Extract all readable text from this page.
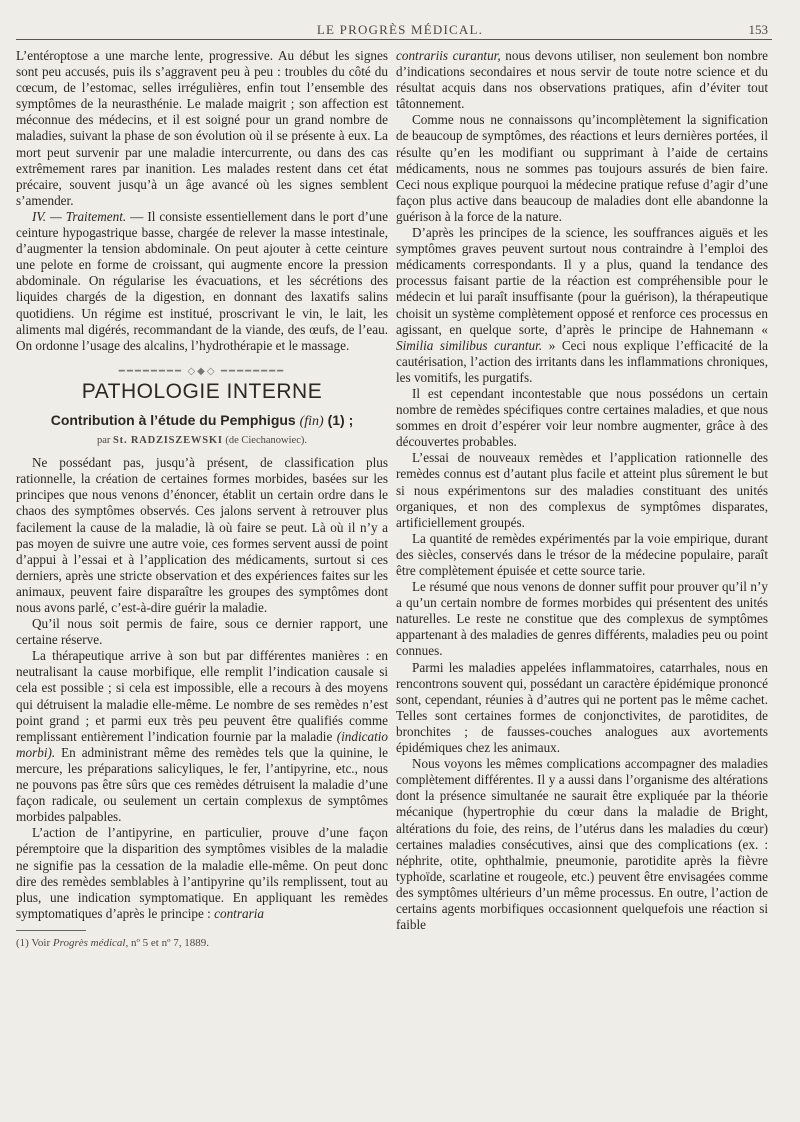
LE PROGRÈS MÉDICAL.	153

L’entéroptose a une marche lente, progressive. Au début les signes sont peu accusés, puis ils s’aggravent peu à peu : troubles du côté du cœcum, de l’estomac, selles irrégulières, enfin tout l’ensemble des symptômes de la neurasthénie. Le malade maigrit ; son affection est méconnue des médecins, et il est soigné pour un grand nombre de maladies, suivant la phase de son évolution où il se présente à eux. La mort peut survenir par une maladie intercurrente, ou dans des cas extrêmement rares par inanition. Les malades restent dans cet état précaire, souvent jusqu’à un âge avancé où les signes semblent s’amender.

IV. — Traitement. — Il consiste essentiellement dans le port d’une ceinture hypogastrique basse, chargée de relever la masse intestinale, d’augmenter la tension abdominale. On peut ajouter à cette ceinture une pelote en forme de croissant, qui augmente encore la pression abdominale. On régularise les évacuations, et les sécrétions des liquides chargés de la digestion, en donnant des laxatifs salins quotidiens. Un régime est institué, proscrivant le vin, le lait, les aliments mal digérés, recommandant de la viande, des œufs, de l’eau. On ordonne l’usage des alcalins, l’hydrothérapie et le massage.

━━━━━━━━ ◇◆◇ ━━━━━━━━
PATHOLOGIE INTERNE
Contribution à l’étude du Pemphigus (fin) (1) ;
par St. RADZISZEWSKI (de Ciechanowiec).

Ne possédant pas, jusqu’à présent, de classification plus rationnelle, la création de certaines formes morbides, basées sur les principes que nous venons d’énoncer, établit un certain ordre dans le chaos des symptômes observés. Ces jalons servent à retrouver plus facilement la cause de la maladie, là où faire se peut. Là où il n’y a pas moyen de suivre une autre voie, ces formes servent aussi de point d’appui à l’essai et à l’application des médicaments, surtout si ces derniers, après une stricte observation et des expériences faites sur les animaux, peuvent faire disparaître les groupes des symptômes dont nous avons parlé, c’est-à-dire guérir la maladie.

Qu’il nous soit permis de faire, sous ce dernier rapport, une certaine réserve.

La thérapeutique arrive à son but par différentes manières : en neutralisant la cause morbifique, elle remplit l’indication causale si cela est possible ; si cela est impossible, elle a recours à des moyens qui détruisent la maladie elle-même. Le nombre de ses remèdes n’est point grand ; et parmi eux très peu peuvent être qualifiés comme remplissant entièrement l’indication fournie par la maladie (indicatio morbi). En administrant même des remèdes tels que la quinine, le mercure, les préparations salicyliques, le fer, l’antipyrine, etc., nous ne pouvons pas être sûrs que ces remèdes détruisent la maladie d’une façon radicale, ou seulement un certain complexus de symptômes morbides palpables.

L’action de l’antipyrine, en particulier, prouve d’une façon péremptoire que la disparition des symptômes visibles de la maladie ne signifie pas la cessation de la maladie elle-même. On peut donc dire des remèdes semblables à l’antipyrine qu’ils remplissent, tout au plus, une indication symptomatique. En appliquant les remèdes symptomatiques d’après le principe : contraria

(1) Voir Progrès médical, nº 5 et nº 7, 1889.

contrariis curantur, nous devons utiliser, non seulement bon nombre d’indications secondaires et nous servir de toute notre science et du résultat acquis dans nos observations pratiques, afin d’éviter tout tâtonnement.

Comme nous ne connaissons qu’incomplètement la signification de beaucoup de symptômes, des réactions et leurs dernières portées, il résulte qu’en les modifiant ou supprimant à l’aide de certains médicaments, nous ne sommes pas toujours assurés de bien faire. Ceci nous explique pourquoi la médecine pratique refuse d’agir d’une façon plus active dans beaucoup de maladies dont elle abandonne la guérison à la force de la nature.

D’après les principes de la science, les souffrances aiguës et les symptômes graves peuvent surtout nous contraindre à l’emploi des médicaments correspondants. Il y a plus, quand la tendance des processus faisant partie de la réaction est compréhensible pour le médecin et lui paraît insuffisante (pour la guérison), la thérapeutique choisit un système complètement opposé et renforce ces processus en agissant, en quelque sorte, d’après le principe de Hahnemann « Similia similibus curantur. » Ceci nous explique l’efficacité de la cautérisation, l’action des irritants dans les inflammations chroniques, les vomitifs, les purgatifs.

Il est cependant incontestable que nous possédons un certain nombre de remèdes spécifiques contre certaines maladies, et que nous sommes en droit d’espérer voir leur nombre augmenter, grâce à des découvertes probables.

L’essai de nouveaux remèdes et l’application rationnelle des remèdes connus est d’autant plus facile et atteint plus sûrement le but si nous expérimentons sur des maladies constituant des unités organiques, et non des complexus de symptômes disparates, artificiellement groupés.

La quantité de remèdes expérimentés par la voie empirique, durant des siècles, conservés dans le trésor de la médecine populaire, paraît être complètement épuisée et cette source tarie.

Le résumé que nous venons de donner suffit pour prouver qu’il n’y a qu’un certain nombre de formes morbides qui présentent des unités naturelles. Le reste ne constitue que des complexus de symptômes appartenant à des maladies de genres différents, maladies peu ou point connues.

Parmi les maladies appelées inflammatoires, catarrhales, nous en rencontrons souvent qui, possédant un caractère épidémique prononcé sont, cependant, réunies à d’autres qui ne portent pas le même cachet. Telles sont certaines formes de conjonctivites, de parotidites, de bronchites ; de fausses-couches analogues aux avortements épidémiques chez les animaux.

Nous voyons les mêmes complications accompagner des maladies complètement différentes. Il y a aussi dans l’organisme des altérations dont la présence simultanée ne saurait être expliquée par la théorie mécanique (hypertrophie du cœur dans la maladie de Bright, altérations du foie, des reins, de l’utérus dans les maladies du cœur) certaines maladies consécutives, ainsi que des complications (ex. : néphrite, otite, ophthalmie, pneumonie, parotidite après la fièvre typhoïde, scarlatine et rougeole, etc.) peuvent être envisagées comme des symptômes ultérieurs d’un même processus. En outre, l’action de certains agents morbifiques occasionnent quelquefois une réaction si faible
